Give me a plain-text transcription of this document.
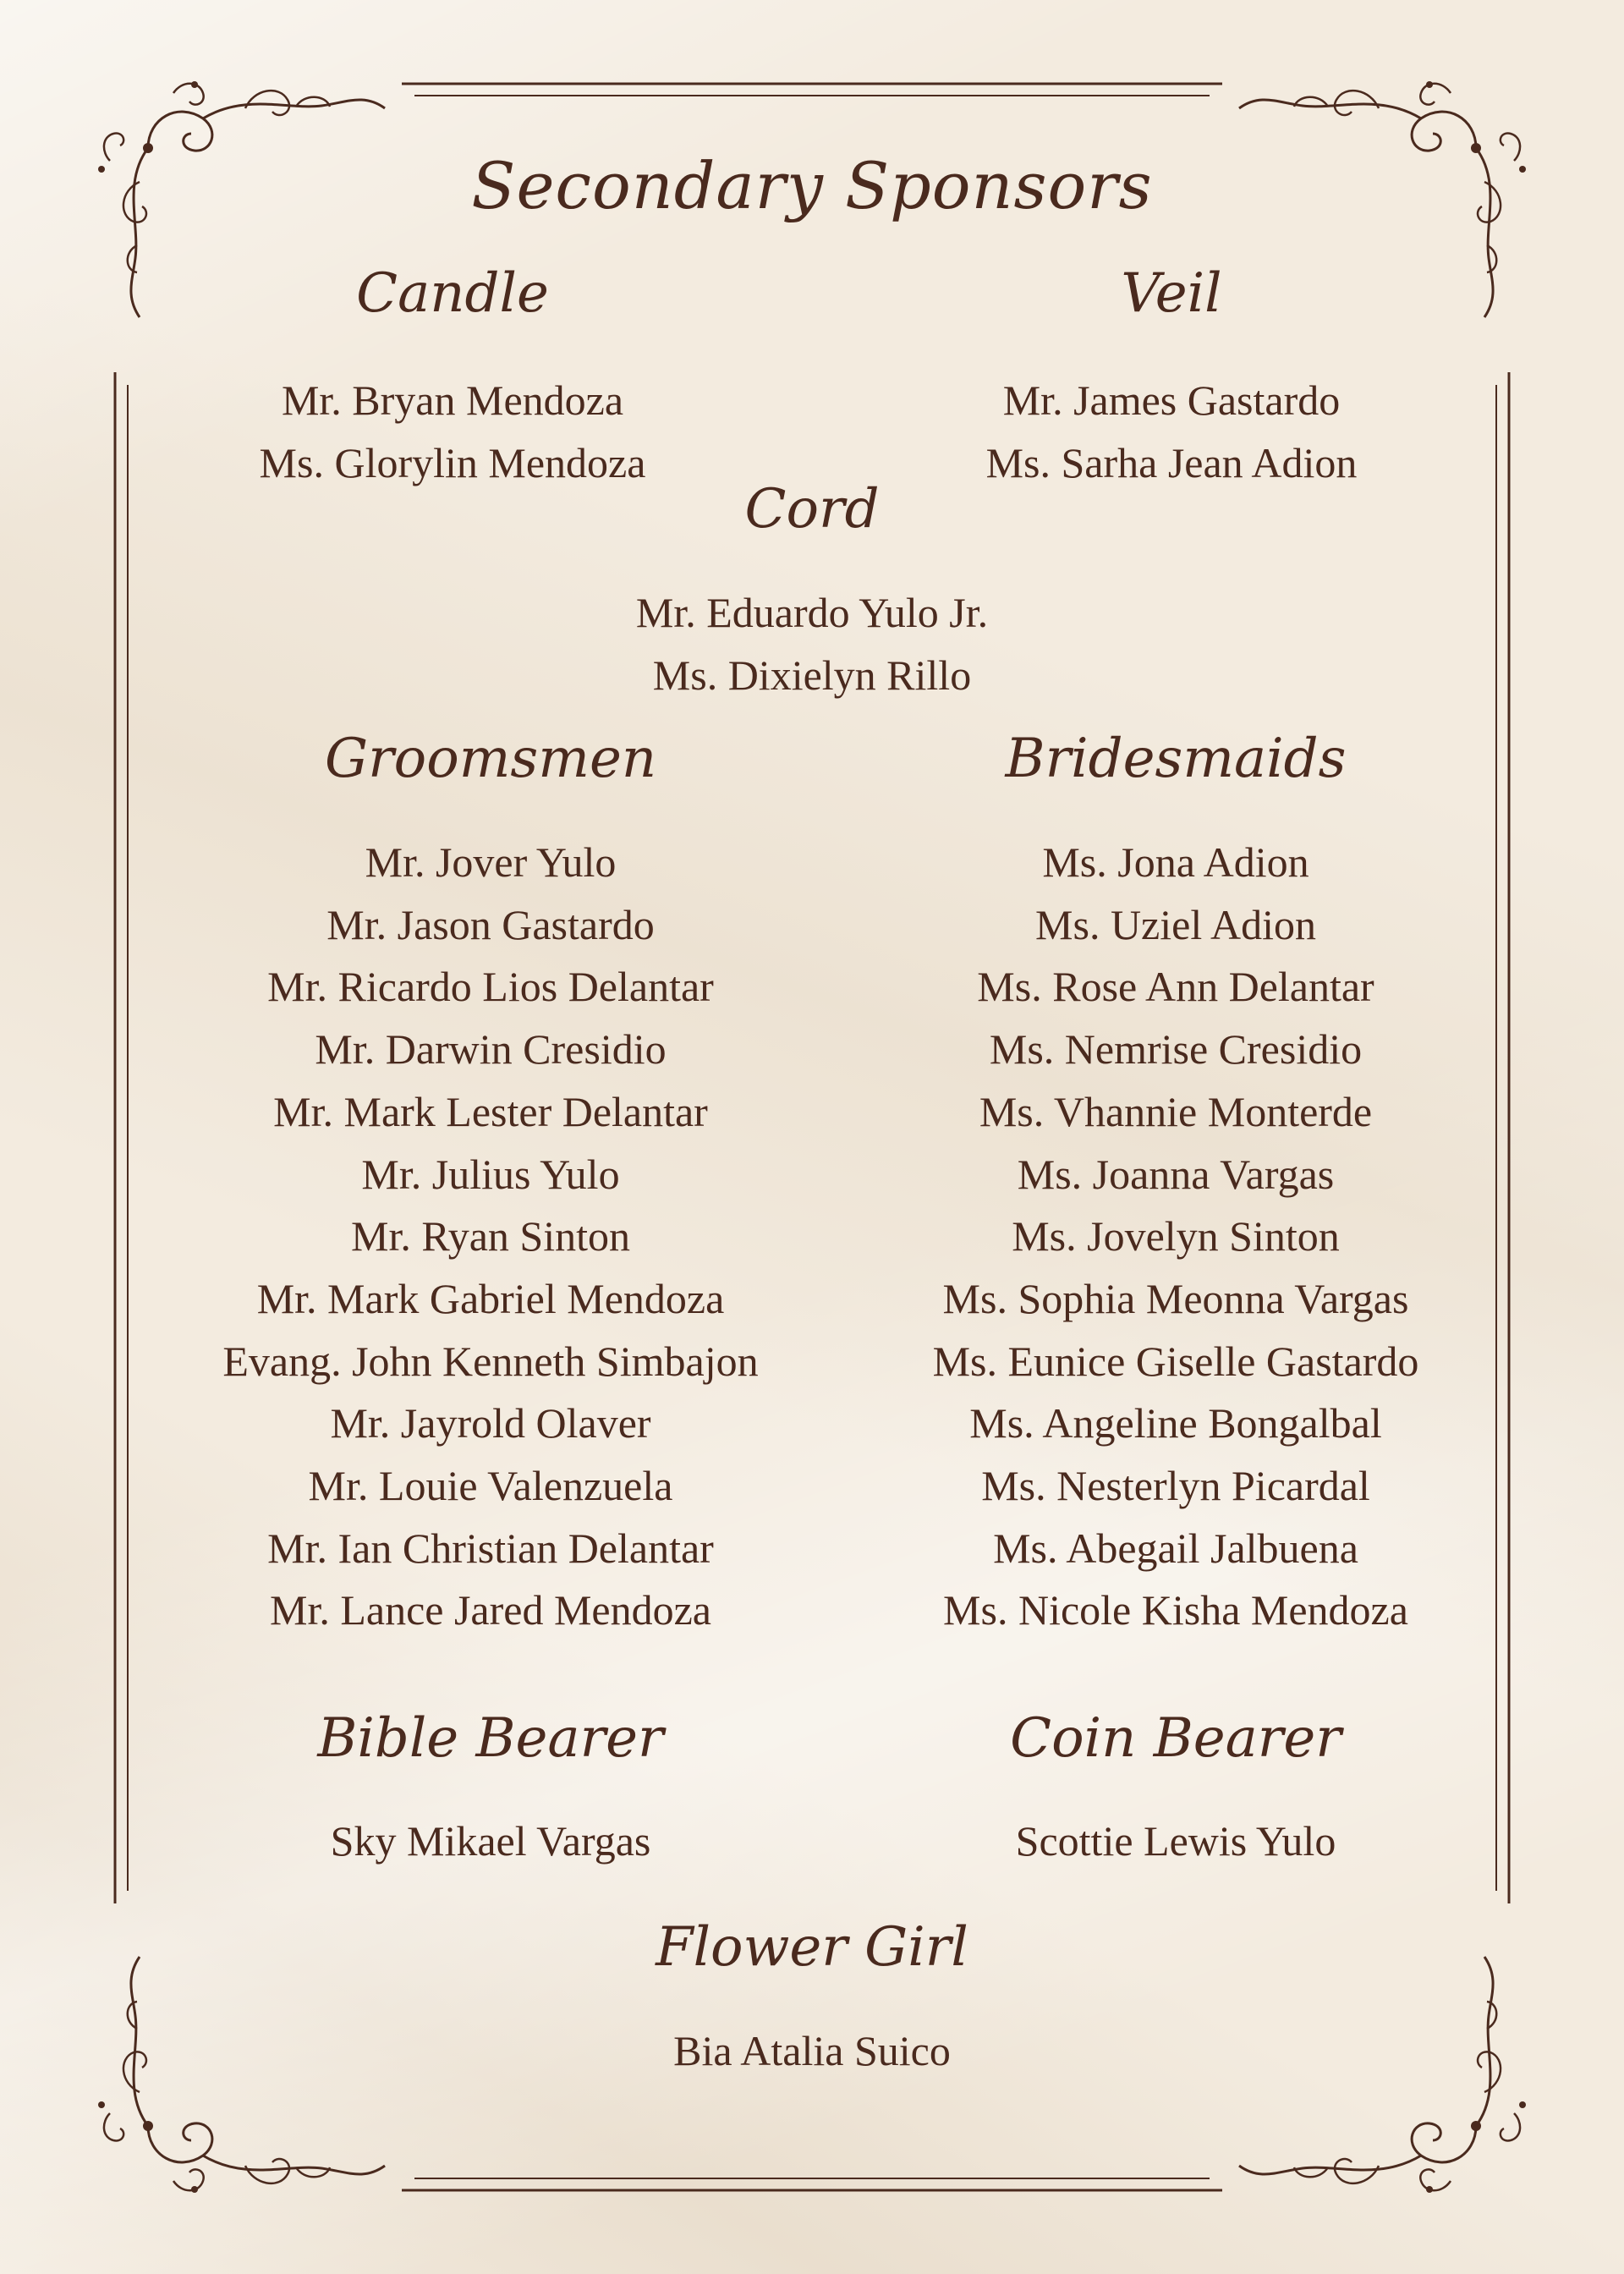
Secondary Sponsors
Candle
Mr. Bryan Mendoza
Ms. Glorylin Mendoza
Veil
Mr. James Gastardo
Ms. Sarha Jean Adion
Cord
Mr. Eduardo Yulo Jr.
Ms. Dixielyn Rillo
Groomsmen
Mr. Jover Yulo
Mr. Jason Gastardo
Mr. Ricardo Lios Delantar
Mr. Darwin Cresidio
Mr. Mark Lester Delantar
Mr. Julius Yulo
Mr. Ryan Sinton
Mr. Mark Gabriel Mendoza
Evang. John Kenneth Simbajon
Mr. Jayrold Olaver
Mr. Louie Valenzuela
Mr. Ian Christian Delantar
Mr. Lance Jared Mendoza
Bridesmaids
Ms. Jona Adion
Ms. Uziel Adion
Ms. Rose Ann Delantar
Ms. Nemrise Cresidio
Ms. Vhannie Monterde
Ms. Joanna Vargas
Ms. Jovelyn Sinton
Ms. Sophia Meonna Vargas
Ms. Eunice Giselle Gastardo
Ms. Angeline Bongalbal
Ms. Nesterlyn Picardal
Ms. Abegail Jalbuena
Ms. Nicole Kisha Mendoza
Bible Bearer
Sky Mikael Vargas
Coin Bearer
Scottie Lewis Yulo
Flower Girl
Bia Atalia Suico
